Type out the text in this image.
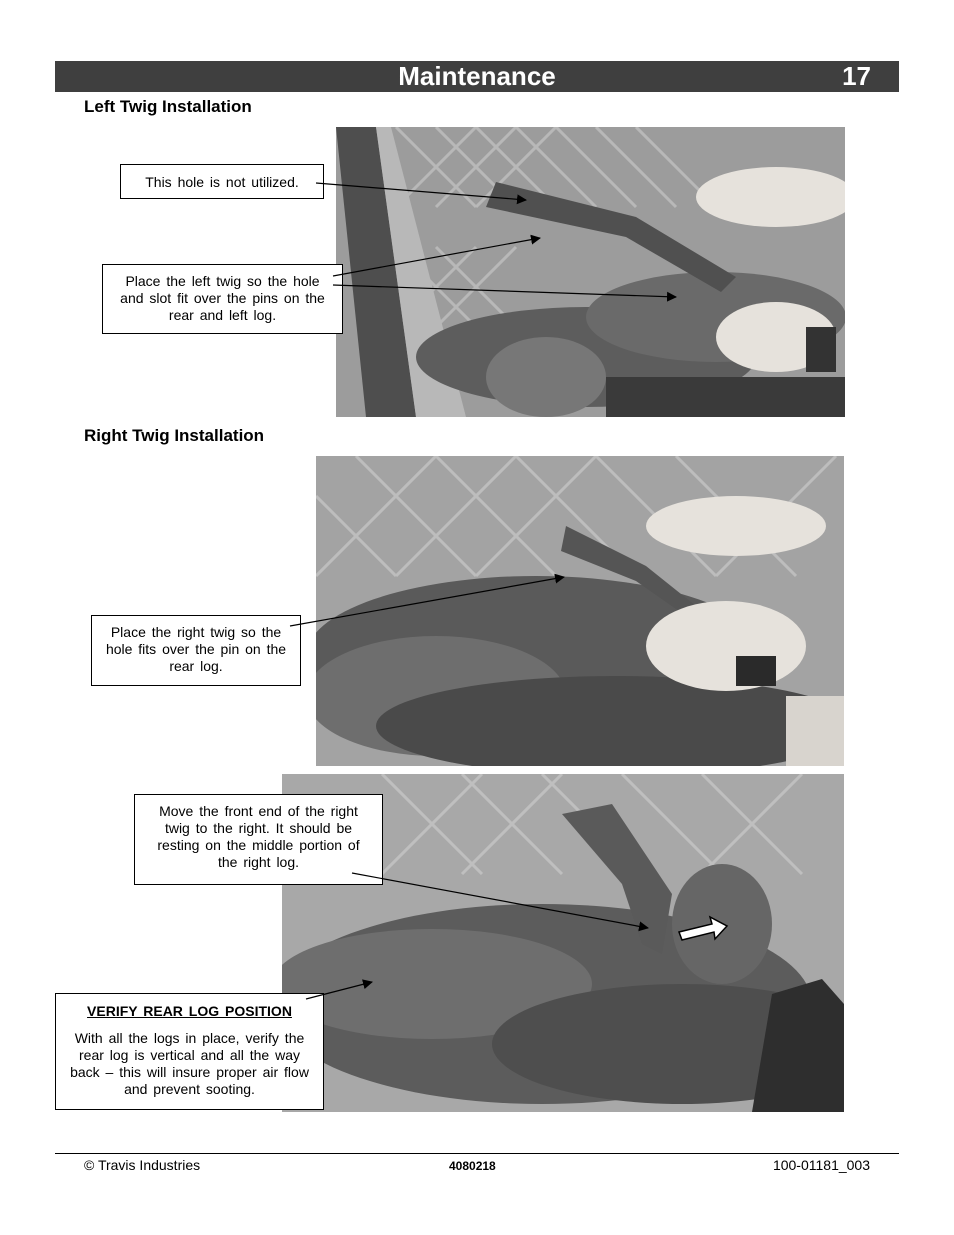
Maintenance	17
Left Twig Installation
This hole is not utilized.
Place the left twig so the hole and slot fit over the pins on the rear and left log.
Right Twig Installation
Place the right twig so the hole fits over the pin on the rear log.
Move the front end of the right twig to the right. It should be resting on the middle portion of the right log.
VERIFY REAR LOG POSITION
With all the logs in place, verify the rear log is vertical and all the way back – this will insure proper air flow and prevent sooting.
© Travis Industries	4080218	100-01181_003
